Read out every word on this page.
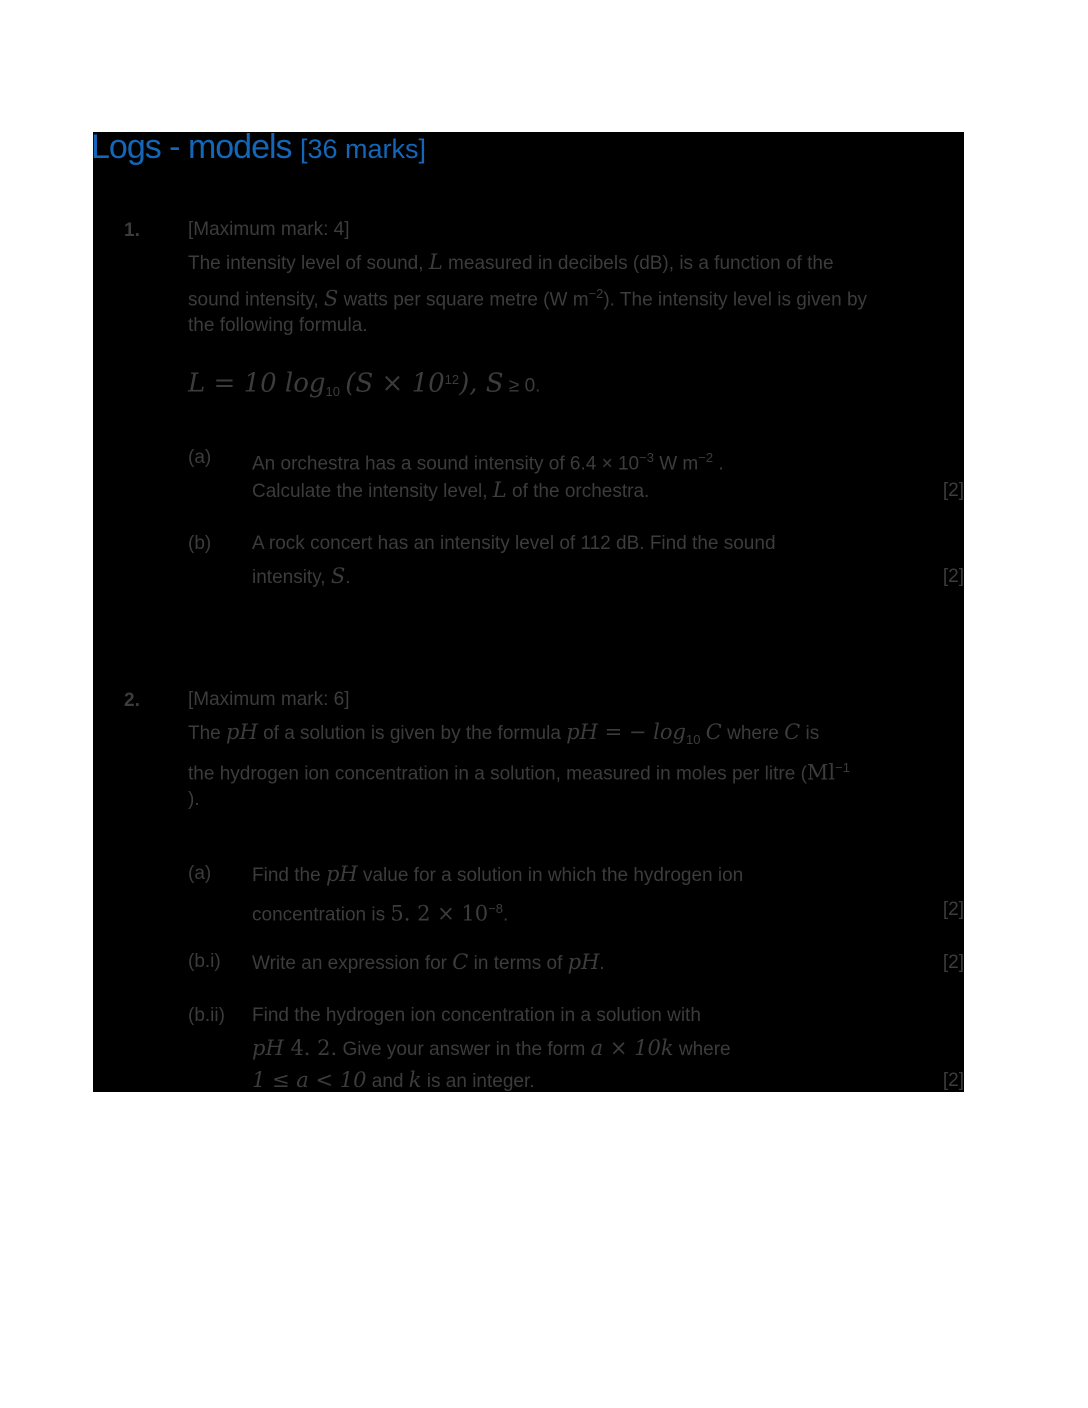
Logs - models [36 marks]
1.	[Maximum mark: 4]
The intensity level of sound, L measured in decibels (dB), is a function of the
sound intensity, S watts per square metre (W $m^{-2}$). The intensity level is given by
the following formula.
L = 10 $\log_{10} (S \times 10^{12})$, S ≥ 0.
(a) An orchestra has a sound intensity of $6.4 \times 10^{-3}$ W $m^{-2}$ .
Calculate the intensity level, L of the orchestra.	[2]
(b) A rock concert has an intensity level of 112 dB. Find the sound
intensity, S.	[2]
2.	[Maximum mark: 6]
The pH of a solution is given by the formula pH = − $\log_{10} C$ where C is
the hydrogen ion concentration in a solution, measured in moles per litre ($Ml^{-1}$
).
(a) Find the pH value for a solution in which the hydrogen ion
concentration is 5. $2 \times 10^{-8}$.	[2]
(b.i) Write an expression for C in terms of pH.	[2]
(b.ii) Find the hydrogen ion concentration in a solution with
pH 4. 2. Give your answer in the form a × 10k where
1 ≤ a < 10 and k is an integer.	[2]
